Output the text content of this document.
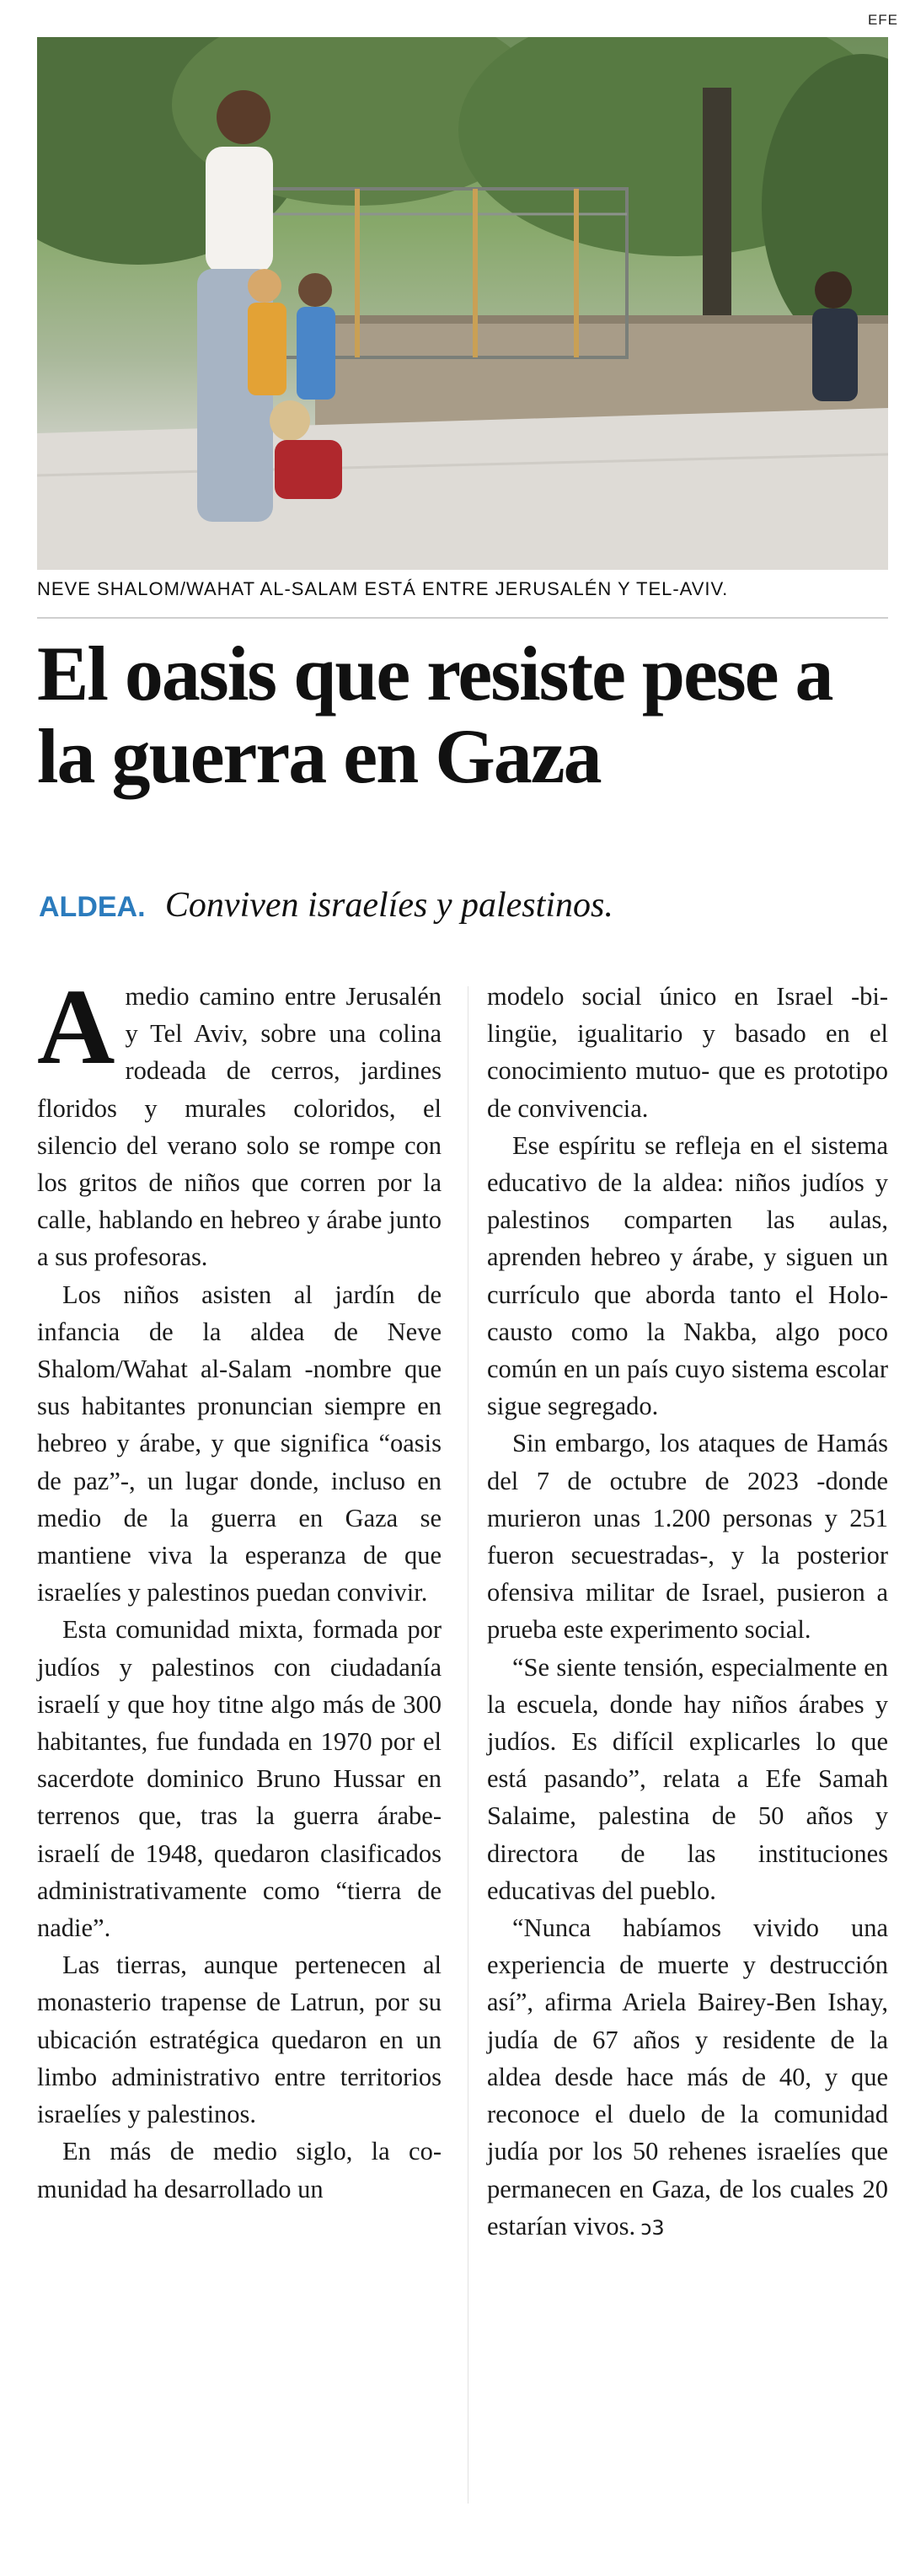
EFE
NEVE SHALOM/WAHAT AL-SALAM ESTÁ ENTRE JERUSALÉN Y TEL-AVIV.
El oasis que resiste pese a la guerra en Gaza
ALDEA. Conviven israelíes y palestinos.

A medio camino entre Jerusalén y Tel Aviv, sobre una colina rodeada de cerros, jardines floridos y murales coloridos, el silencio del verano solo se rompe con los gritos de niños que corren por la calle, hablando en hebreo y árabe junto a sus profesoras.

Los niños asisten al jardín de infancia de la aldea de Neve Shalom/Wahat al-Salam -nombre que sus habitantes pronuncian siempre en hebreo y árabe, y que significa “oasis de paz”-, un lugar donde, incluso en medio de la guerra en Gaza se mantiene viva la esperanza de que israelíes y palestinos puedan convivir.

Esta comunidad mixta, formada por judíos y palestinos con ciudadanía israelí y que hoy titne algo más de 300 habitantes, fue fundada en 1970 por el sacerdote dominico Bruno Hussar en terrenos que, tras la guerra árabe-israelí de 1948, quedaron clasificados administrativamente como “tierra de nadie”.

Las tierras, aunque pertenecen al monasterio trapense de Latrun, por su ubicación estratégica quedaron en un limbo administrativo entre territorios israelíes y palestinos.

En más de medio siglo, la comunidad ha desarrollado un

modelo social único en Israel -bilingüe, igualitario y basado en el conocimiento mutuo- que es prototipo de convivencia.

Ese espíritu se refleja en el sistema educativo de la aldea: niños judíos y palestinos comparten las aulas, aprenden hebreo y árabe, y siguen un currículo que aborda tanto el Holocausto como la Nakba, algo poco común en un país cuyo sistema escolar sigue segregado.

Sin embargo, los ataques de Hamás del 7 de octubre de 2023 -donde murieron unas 1.200 personas y 251 fueron secuestradas-, y la posterior ofensiva militar de Israel, pusieron a prueba este experimento social.

“Se siente tensión, especialmente en la escuela, donde hay niños árabes y judíos. Es difícil explicarles lo que está pasando”, relata a Efe Samah Salaime, palestina de 50 años y directora de las instituciones educativas del pueblo.

“Nunca habíamos vivido una experiencia de muerte y destrucción así”, afirma Ariela Bairey-Ben Ishay, judía de 67 años y residente de la aldea desde hace más de 40, y que reconoce el duelo de la comunidad judía por los 50 rehenes israelíes que permanecen en Gaza, de los cuales 20 estarían vivos. ↄ3
